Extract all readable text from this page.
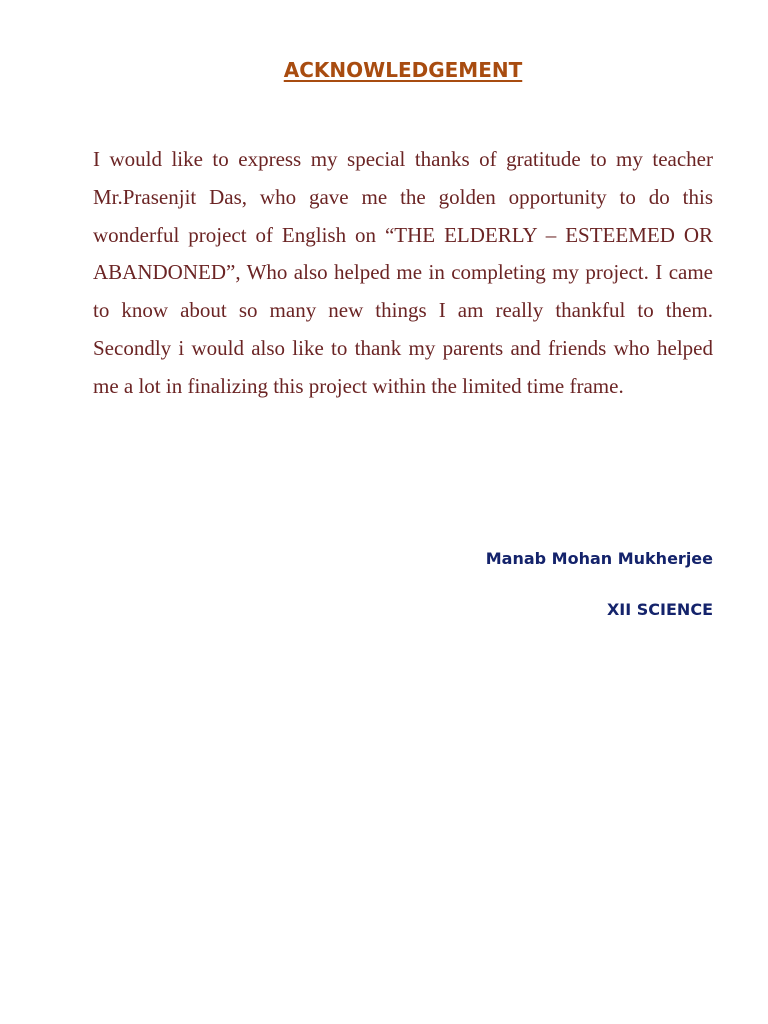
ACKNOWLEDGEMENT

I would like to express my special thanks of gratitude to my teacher Mr.Prasenjit Das, who gave me the golden opportunity to do this wonderful project of English on “THE ELDERLY – ESTEEMED OR ABANDONED”, Who also helped me in completing my project. I came to know about so many new things I am really thankful to them. Secondly i would also like to thank my parents and friends who helped me a lot in finalizing this project within the limited time frame.

Manab Mohan Mukherjee
XII SCIENCE
